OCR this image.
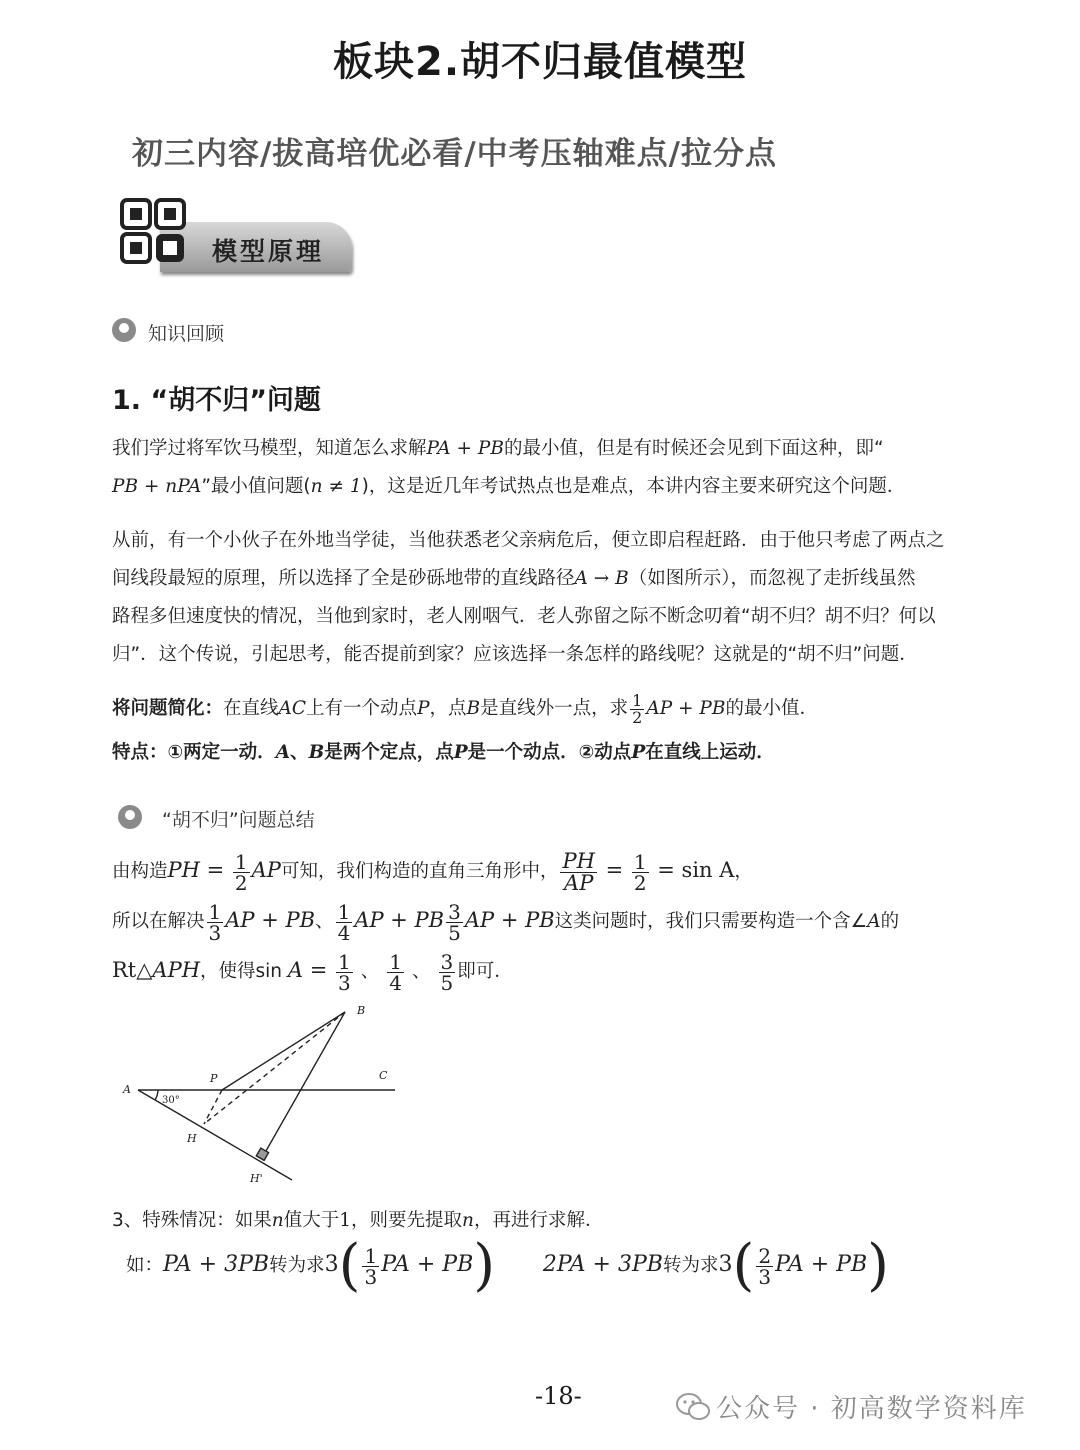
板块2.胡不归最值模型
初三内容/拔高培优必看/中考压轴难点/拉分点
模型原理
知识回顾
1. “胡不归”问题
我们学过将军饮马模型，知道怎么求解PA + PB的最小值，但是有时候还会见到下面这种，即“
PB + nPA”最小值问题(n ≠ 1)，这是近几年考试热点也是难点，本讲内容主要来研究这个问题．
从前，有一个小伙子在外地当学徒，当他获悉老父亲病危后，便立即启程赶路．由于他只考虑了两点之
间线段最短的原理，所以选择了全是砂砾地带的直线路径A → B（如图所示），而忽视了走折线虽然
路程多但速度快的情况，当他到家时，老人刚咽气．老人弥留之际不断念叨着“胡不归？胡不归？何以
归”．这个传说，引起思考，能否提前到家？应该选择一条怎样的路线呢？这就是的“胡不归”问题．
将问题简化：在直线AC上有一个动点P，点B是直线外一点，求 $\frac{1}{2}$ AP + PB的最小值．
特点：①两定一动．A、B是两个定点，点P是一个动点．②动点P在直线上运动．
“胡不归”问题总结
由构造PH = $\frac{1}{2}$ AP可知，我们构造的直角三角形中， $\frac{PH}{AP} = \frac{1}{2} = \sin A$，
所以在解决 $\frac{1}{3}$ AP + PB、 $\frac{1}{4}$ AP + PB $\frac{3}{5}$ AP + PB这类问题时，我们只需要构造一个含∠A的
Rt△APH，使得$\sin A = \frac{1}{3}$ 、 $\frac{1}{4}$ 、 $\frac{3}{5}$ 即可．
A
B
C
P
H
H'
30°
3、特殊情况：如果n值大于1，则要先提取n，再进行求解．
如：PA + 3PB转为求$3( \frac{1}{3}$ PA + PB) 2PA + 3PB转为求$3( \frac{2}{3}$ PA + PB)
-18-	公众号 · 初高数学资料库
